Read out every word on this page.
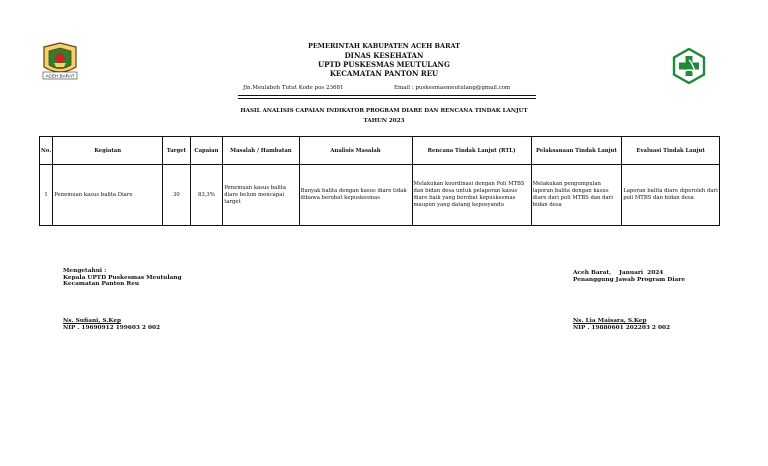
ACEH BARAT
PEMERINTAH KABUPATEN ACEH BARAT
DINAS KESEHATAN
UPTD PUSKESMAS MEUTULANG
KECAMATAN PANTON REU
Jln.Meulaboh Tutut Kode pos 23681	Email : puskesmasmeutulang@gmail.com
HASIL ANALISIS CAPAIAN INDIKATOR PROGRAM DIARE DAN RENCANA TINDAK LANJUT
TAHUN 2023
No.	Kegiatan	Target	Capaian	Masalah / Hambatan	Analisis Masalah	Rencana Tindak Lanjut (RTL)	Pelaksanaan Tindak Lanjut	Evaluasi Tindak Lanjut
1	Penemuan kasus balita Diare	30	83,3%	Penemuan kasus balita diare belum mencapai target	Banyak balita dengan kasus diare tidak dibawa berobat kepuskesmas	Melakukan koordinasi dengan Poli MTBS dan bidan desa untuk pelaporan kasus diare baik yang berobat kepuskesmas maupun yang datang keposyandu	Melakukan pengumpulan laporan balita dengan kasus diare dari poli MTBS dan dari bidan desa	Laporan balita diare diperoleh dari poli MTBS dan bidan desa
Mengetahui :
Kepala UPTD Puskesmas Meutulang
Kecamatan Panton Reu
Ns. Sufiani, S.Kep
NIP . 19690912 199603 2 002
Aceh Barat,    Januari  2024
Penanggung Jawab Program Diare
Ns. Lia Maisara, S.Kep
NIP . 19880601 202203 2 002
